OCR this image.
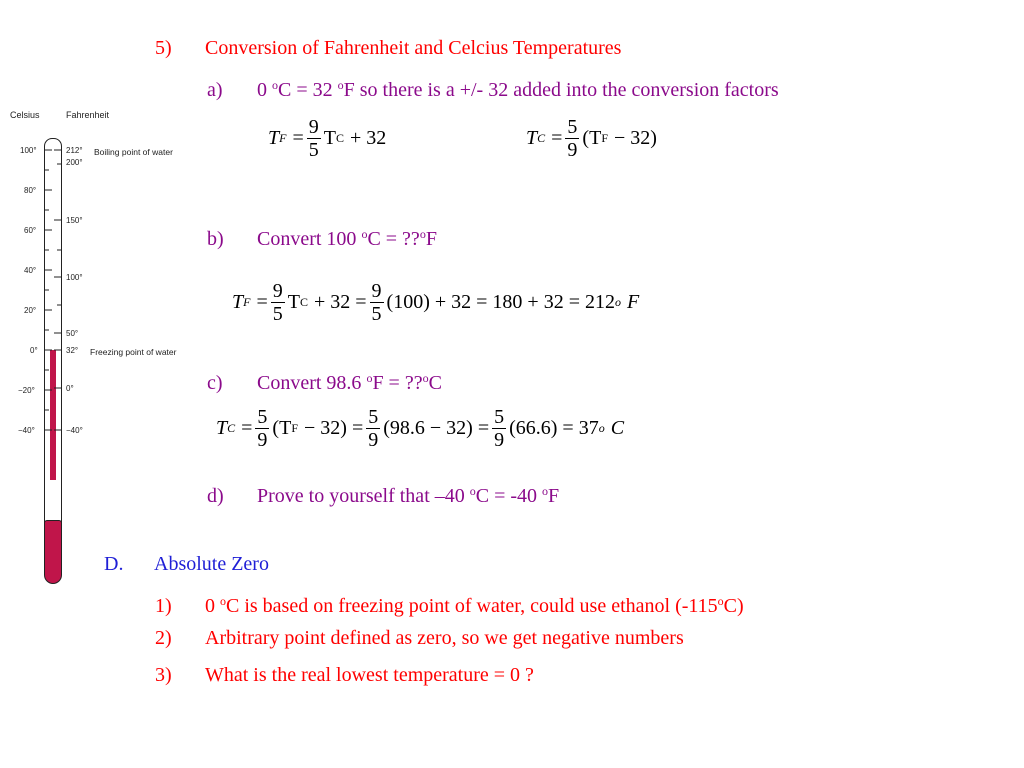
Celsius	Fahrenheit
100°
80°
60°
40°
20°
0°
−20°
−40°
212°
200°
150°
100°
50°
32°
0°
−40°
Boiling point of water
Freezing point of water
5) Conversion of Fahrenheit and Celcius Temperatures
a) 0 $^o$C = 32 $^o$F so there is a +/- 32 added into the conversion factors
T $F = \frac{9}{5}$ T C + 32	T $C = \frac{5}{9} (T$ F − 32)
b) Convert 100 $^o$C = ??$^o$F
T $F = \frac{9}{5}$ T $C + 32 = \frac{9}{5} (100) + 32 = 180 + 32 = 212$ o F
c) Convert 98.6 $^o$F = ??$^o$C
T $C = \frac{5}{9} (T$ $F - 32) = \frac{5}{9} (98.6 - 32) = \frac{5}{9} (66.6) = 37$ o C
d) Prove to yourself that –40 $^o$C = -40 $^o$F
D. Absolute Zero
1) 0 $^o$C is based on freezing point of water, could use ethanol (-115$^o$C)
2) Arbitrary point defined as zero, so we get negative numbers
3) What is the real lowest temperature = 0 ?
